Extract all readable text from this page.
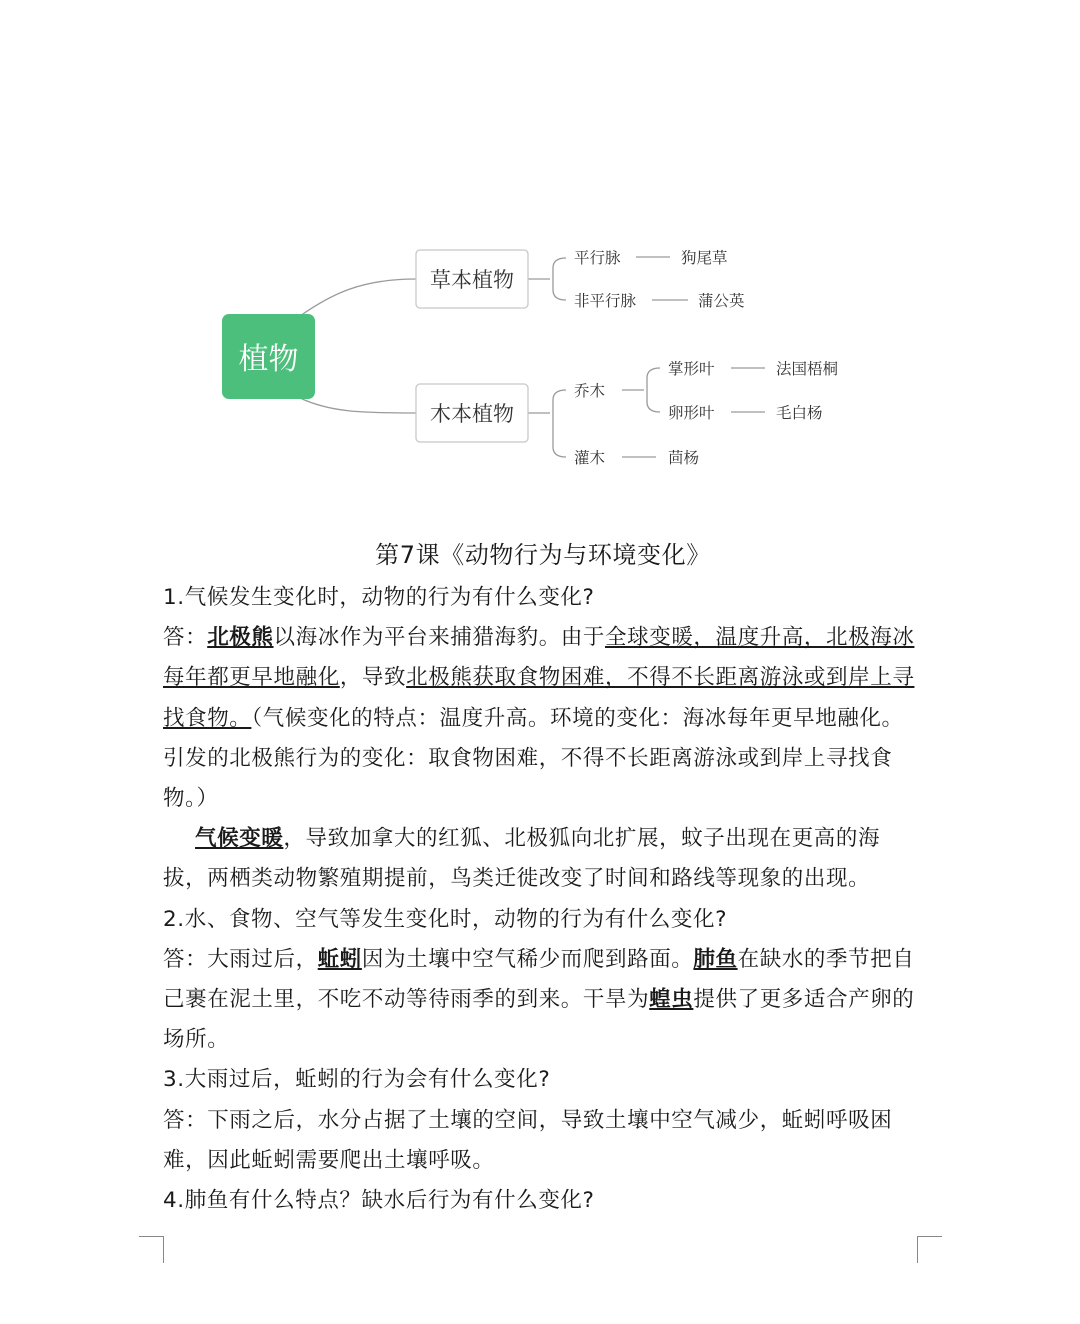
植物
草本植物
木本植物
平行脉	狗尾草
非平行脉	蒲公英
乔木
掌形叶	法国梧桐
卵形叶	毛白杨
灌木	茴杨

第7课《动物行为与环境变化》

1.气候发生变化时，动物的行为有什么变化?

答：北极熊以海冰作为平台来捕猎海豹。由于全球变暖，温度升高，北极海冰每年都更早地融化，导致北极熊获取食物困难，不得不长距离游泳或到岸上寻找食物。（气候变化的特点：温度升高。环境的变化：海冰每年更早地融化。引发的北极熊行为的变化：取食物困难，不得不长距离游泳或到岸上寻找食物。）

气候变暖，导致加拿大的红狐、北极狐向北扩展，蚊子出现在更高的海拔，两栖类动物繁殖期提前，鸟类迁徙改变了时间和路线等现象的出现。

2.水、食物、空气等发生变化时，动物的行为有什么变化?

答：大雨过后，蚯蚓因为土壤中空气稀少而爬到路面。肺鱼在缺水的季节把自己裹在泥土里，不吃不动等待雨季的到来。干旱为蝗虫提供了更多适合产卵的场所。

3.大雨过后，蚯蚓的行为会有什么变化?

答：下雨之后，水分占据了土壤的空间，导致土壤中空气减少，蚯蚓呼吸困难，因此蚯蚓需要爬出土壤呼吸。

4.肺鱼有什么特点？缺水后行为有什么变化?
